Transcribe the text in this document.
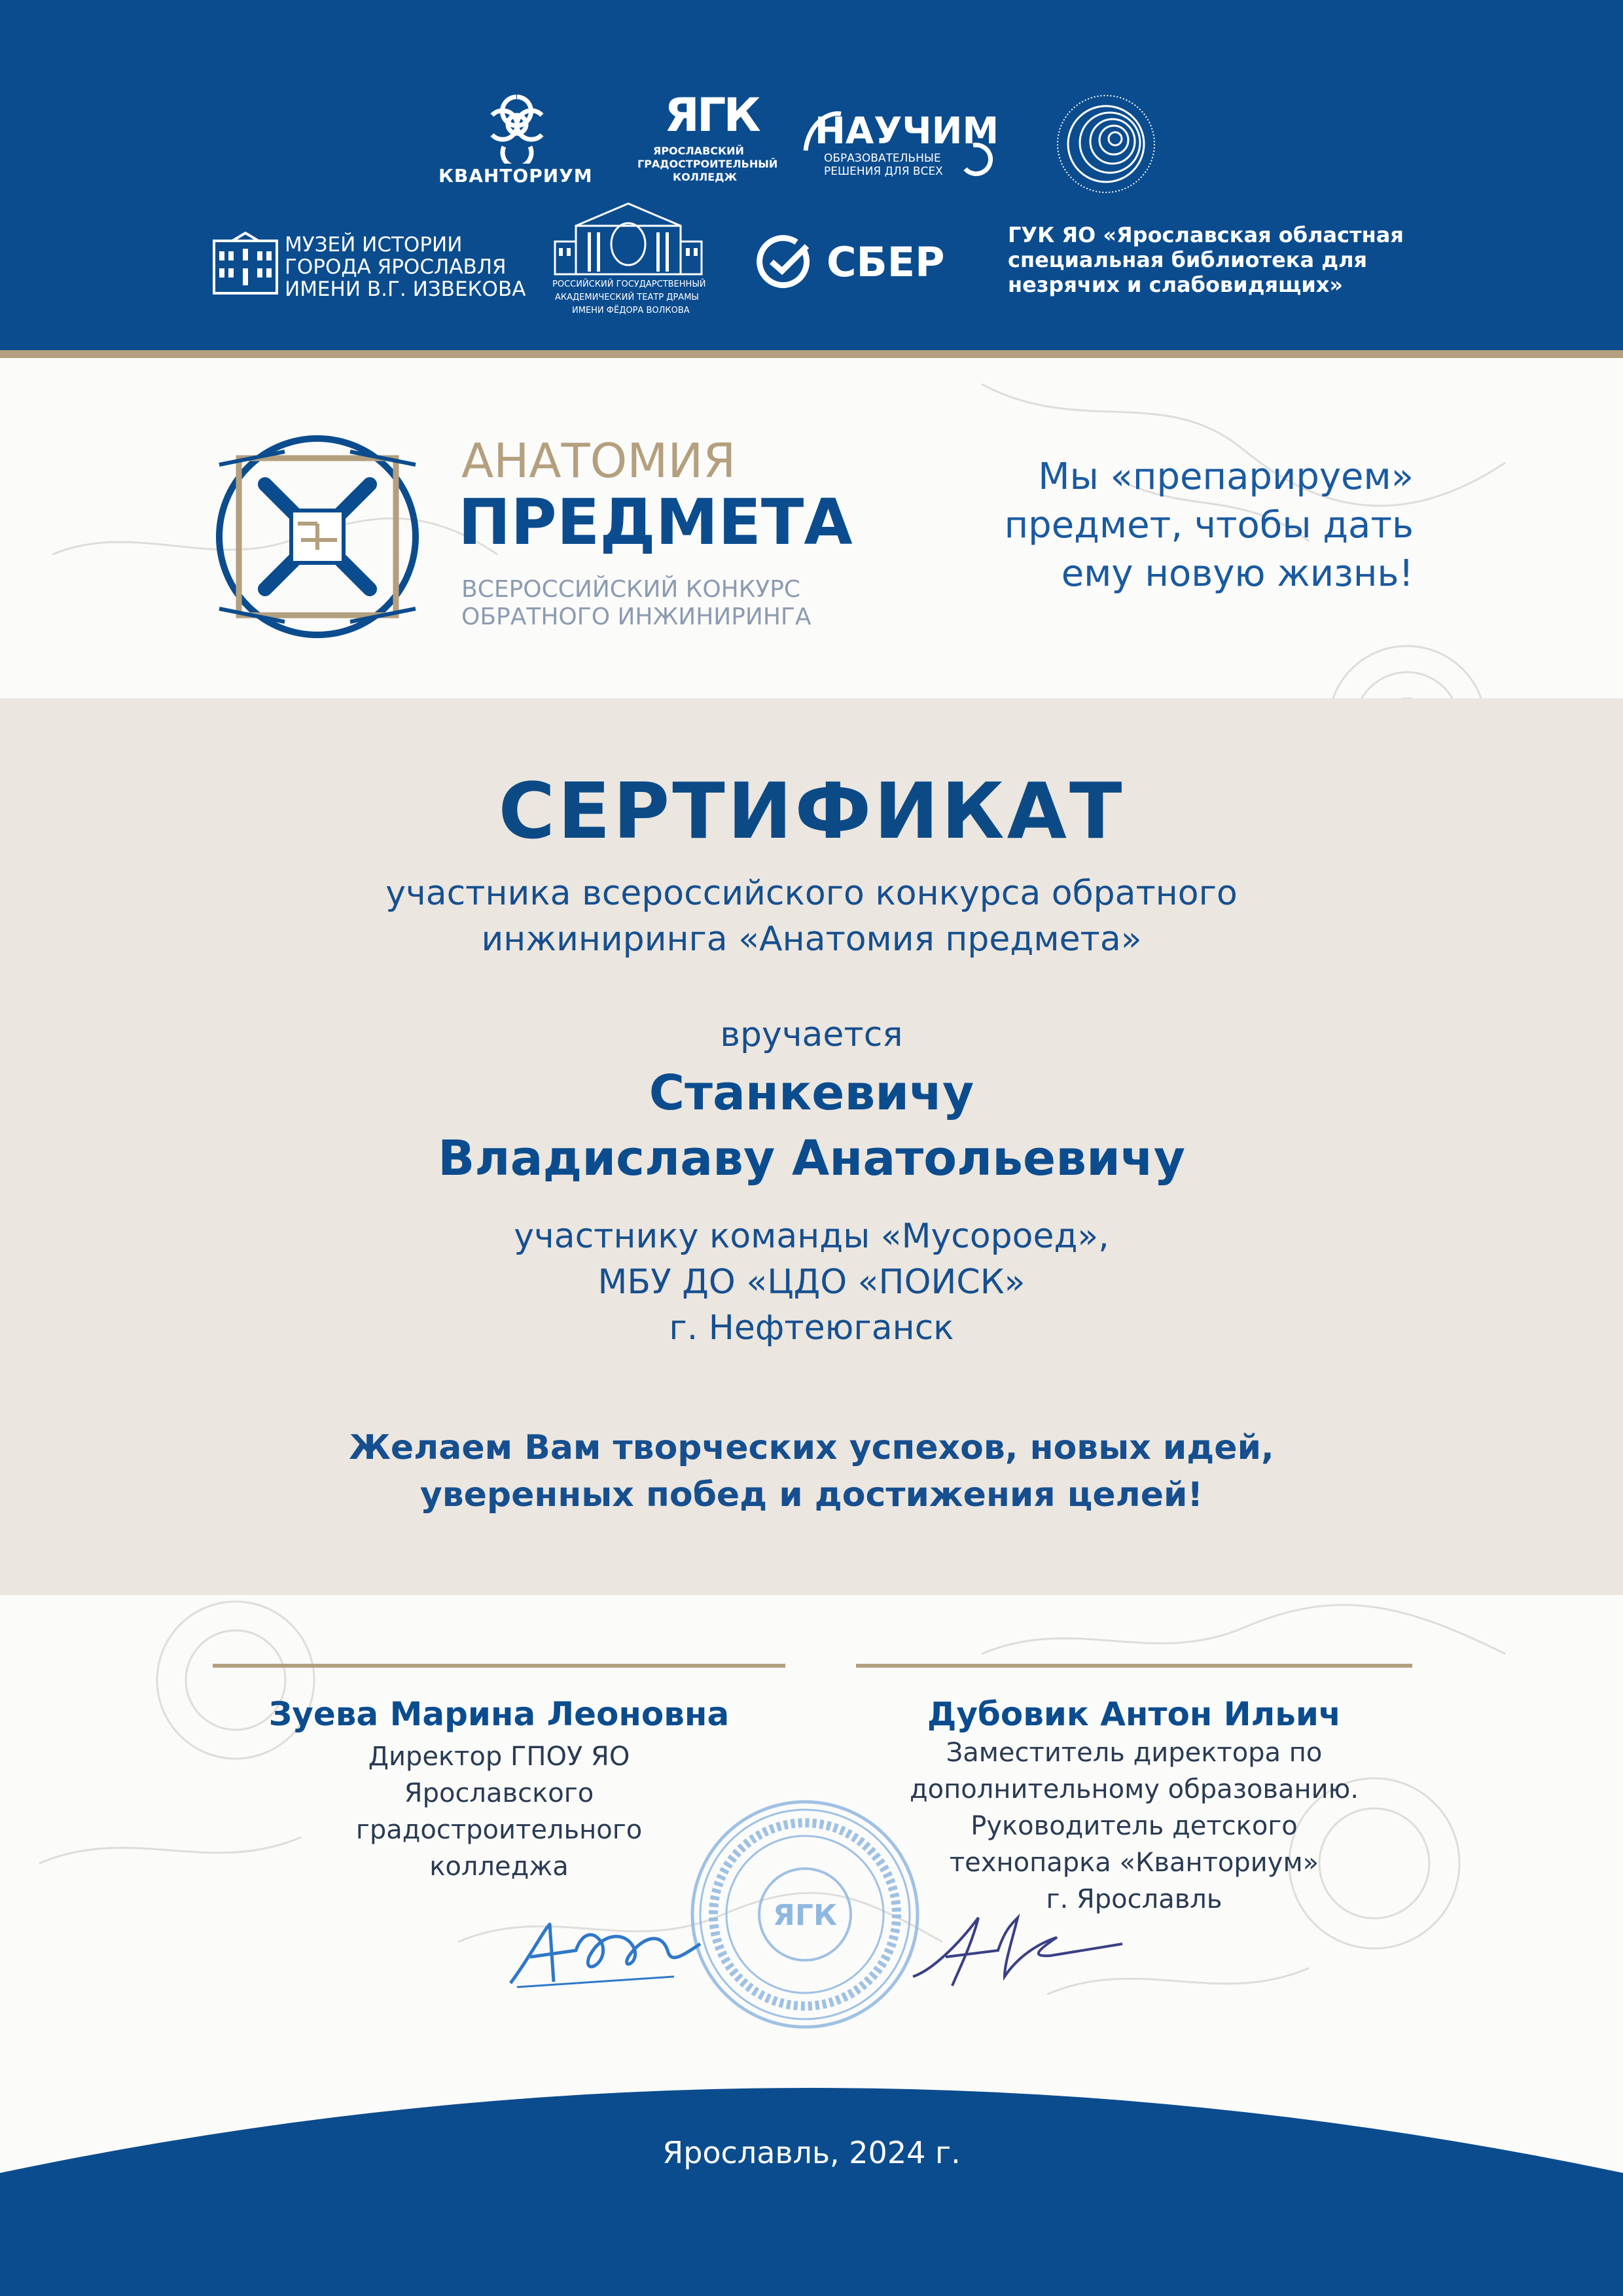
КВАНТОРИУМ
ЯГК
ЯРОСЛАВСКИЙ
ГРАДОСТРОИТЕЛЬНЫЙ
КОЛЛЕДЖ
НАУЧИМ
ОБРАЗОВАТЕЛЬНЫЕ
РЕШЕНИЯ ДЛЯ ВСЕХ
МУЗЕЙ ИСТОРИИ
ГОРОДА ЯРОСЛАВЛЯ
ИМЕНИ В.Г. ИЗВЕКОВА	РОССИЙСКИЙ ГОСУДАРСТВЕННЫЙ
АКАДЕМИЧЕСКИЙ ТЕАТР ДРАМЫ
ИМЕНИ ФЁДОРА ВОЛКОВА
СБЕР
ГУК ЯО «Ярославская областная
специальная библиотека для
незрячих и слабовидящих»
АНАТОМИЯ
ПРЕДМЕТА
ВСЕРОССИЙСКИЙ КОНКУРС
ОБРАТНОГО ИНЖИНИРИНГА
Мы «препарируем»
предмет, чтобы дать
ему новую жизнь!
СЕРТИФИКАТ
участника всероссийского конкурса обратного
инжиниринга «Анатомия предмета»
вручается
Станкевичу
Владиславу Анатольевичу
участнику команды «Мусороед»,
МБУ ДО «ЦДО «ПОИСК»
г. Нефтеюганск
Желаем Вам творческих успехов, новых идей,
уверенных побед и достижения целей!
Зуева Марина Леоновна
Директор ГПОУ ЯО
Ярославского
градостроительного
колледжа
Дубовик Антон Ильич
Заместитель директора по
дополнительному образованию.
Руководитель детского
технопарка «Кванториум»
г. Ярославль
ЯГК
Ярославль, 2024 г.
